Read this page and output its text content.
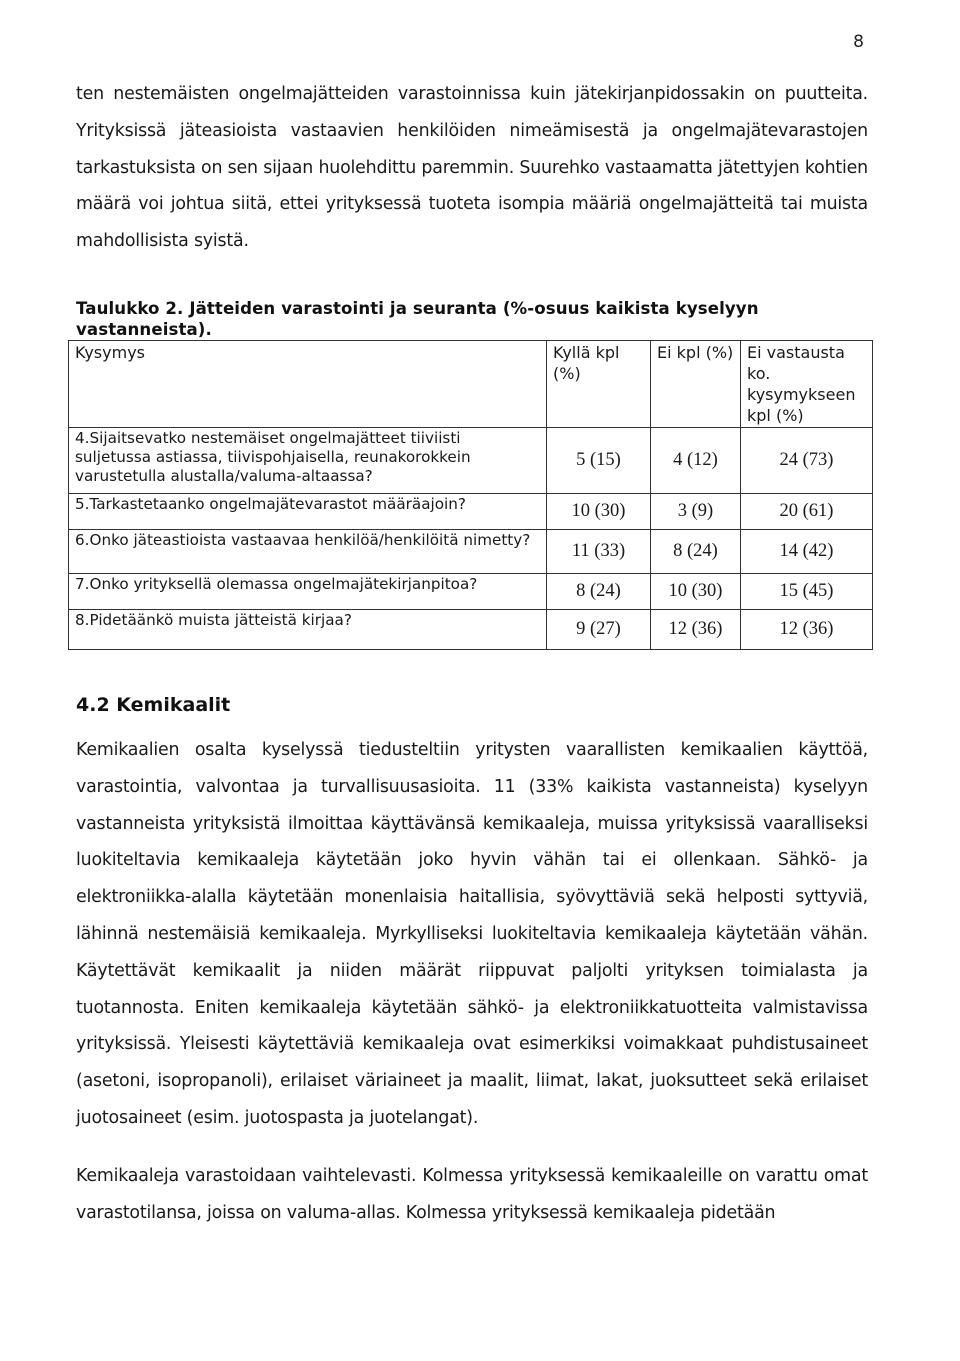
8

ten nestemäisten ongelmajätteiden varastoinnissa kuin jätekirjanpidossakin on puutteita. Yrityksissä jäteasioista vastaavien henkilöiden nimeämisestä ja ongelmajätevarastojen tarkastuksista on sen sijaan huolehdittu paremmin. Suurehko vastaamatta jätettyjen kohtien määrä voi johtua siitä, ettei yrityksessä tuoteta isompia määriä ongelmajätteitä tai muista mahdollisista syistä.

Taulukko 2. Jätteiden varastointi ja seuranta (%-osuus kaikista kyselyyn vastanneista).

Kysymys	Kyllä kpl (%)	Ei kpl (%)	Ei vastausta ko. kysymykseen kpl (%)
4.Sijaitsevatko nestemäiset ongelmajätteet tiiviisti suljetussa astiassa, tiivispohjaisella, reunakorokkein varustetulla alustalla/valuma-altaassa?	5 (15)	4 (12)	24 (73)
5.Tarkastetaanko ongelmajätevarastot määräajoin?	10 (30)	3 (9)	20 (61)
6.Onko jäteastioista vastaavaa henkilöä/henkilöitä nimetty?	11 (33)	8 (24)	14 (42)
7.Onko yrityksellä olemassa ongelmajätekirjanpitoa?	8 (24)	10 (30)	15 (45)
8.Pidetäänkö muista jätteistä kirjaa?	9 (27)	12 (36)	12 (36)
4.2 Kemikaalit

Kemikaalien osalta kyselyssä tiedusteltiin yritysten vaarallisten kemikaalien käyttöä, varastointia, valvontaa ja turvallisuusasioita. 11 (33% kaikista vastanneista) kyselyyn vastanneista yrityksistä ilmoittaa käyttävänsä kemikaaleja, muissa yrityksissä vaaralliseksi luokiteltavia kemikaaleja käytetään joko hyvin vähän tai ei ollenkaan. Sähkö- ja elektroniikka-alalla käytetään monenlaisia haitallisia, syövyttäviä sekä helposti syttyviä, lähinnä nestemäisiä kemikaaleja. Myrkylliseksi luokiteltavia kemikaaleja käytetään vähän. Käytettävät kemikaalit ja niiden määrät riippuvat paljolti yrityksen toimialasta ja tuotannosta. Eniten kemikaaleja käytetään sähkö- ja elektroniikkatuotteita valmistavissa yrityksissä. Yleisesti käytettäviä kemikaaleja ovat esimerkiksi voimakkaat puhdistusaineet (asetoni, isopropanoli), erilaiset väriaineet ja maalit, liimat, lakat, juoksutteet sekä erilaiset juotosaineet (esim. juotospasta ja juotelangat).

Kemikaaleja varastoidaan vaihtelevasti. Kolmessa yrityksessä kemikaaleille on varattu omat varastotilansa, joissa on valuma-allas. Kolmessa yrityksessä kemikaaleja pidetään
